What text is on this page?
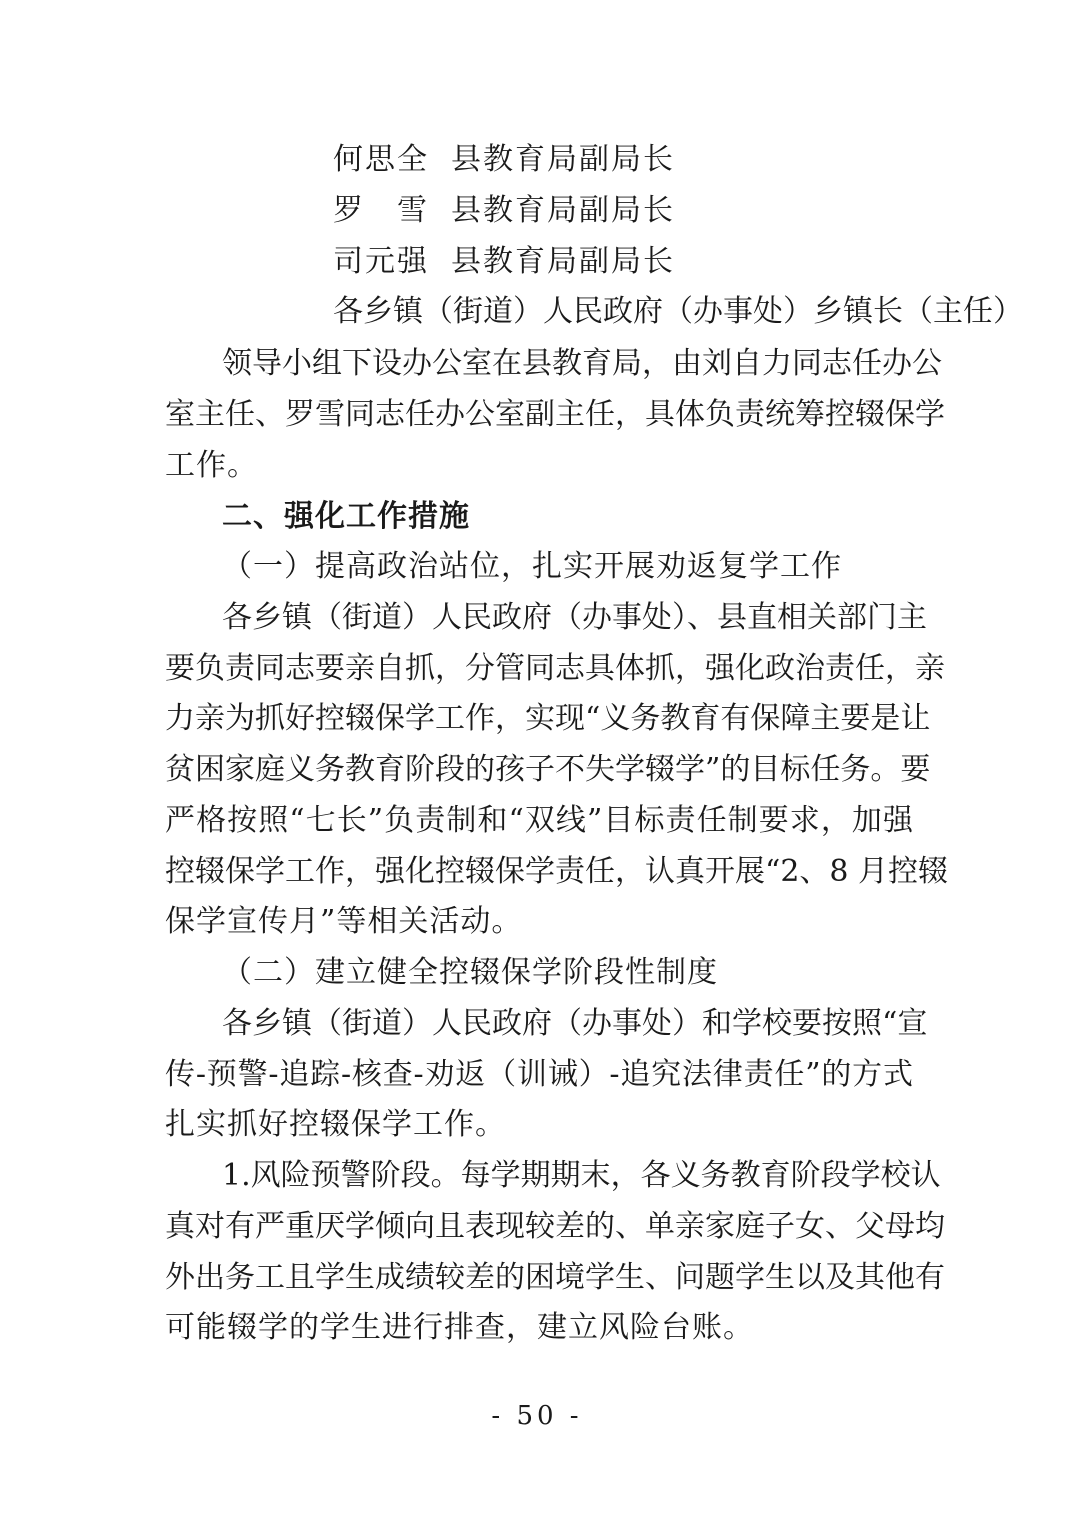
何思全 县教育局副局长
罗　雪 县教育局副局长
司元强 县教育局副局长
各乡镇（街道）人民政府（办事处）乡镇长（主任）
领导小组下设办公室在县教育局，由刘自力同志任办公
室主任、罗雪同志任办公室副主任，具体负责统筹控辍保学
工作。
二、强化工作措施
（一）提高政治站位，扎实开展劝返复学工作
各乡镇（街道）人民政府（办事处）、县直相关部门主
要负责同志要亲自抓，分管同志具体抓，强化政治责任，亲
力亲为抓好控辍保学工作，实现“义务教育有保障主要是让
贫困家庭义务教育阶段的孩子不失学辍学”的目标任务。要
严格按照“七长”负责制和“双线”目标责任制要求，加强
控辍保学工作，强化控辍保学责任，认真开展“2、8 月控辍
保学宣传月”等相关活动。
（二）建立健全控辍保学阶段性制度
各乡镇（街道）人民政府（办事处）和学校要按照“宣
传-预警-追踪-核查-劝返（训诫）-追究法律责任”的方式
扎实抓好控辍保学工作。
1.风险预警阶段。每学期期末，各义务教育阶段学校认
真对有严重厌学倾向且表现较差的、单亲家庭子女、父母均
外出务工且学生成绩较差的困境学生、问题学生以及其他有
可能辍学的学生进行排查，建立风险台账。
- 50 -
